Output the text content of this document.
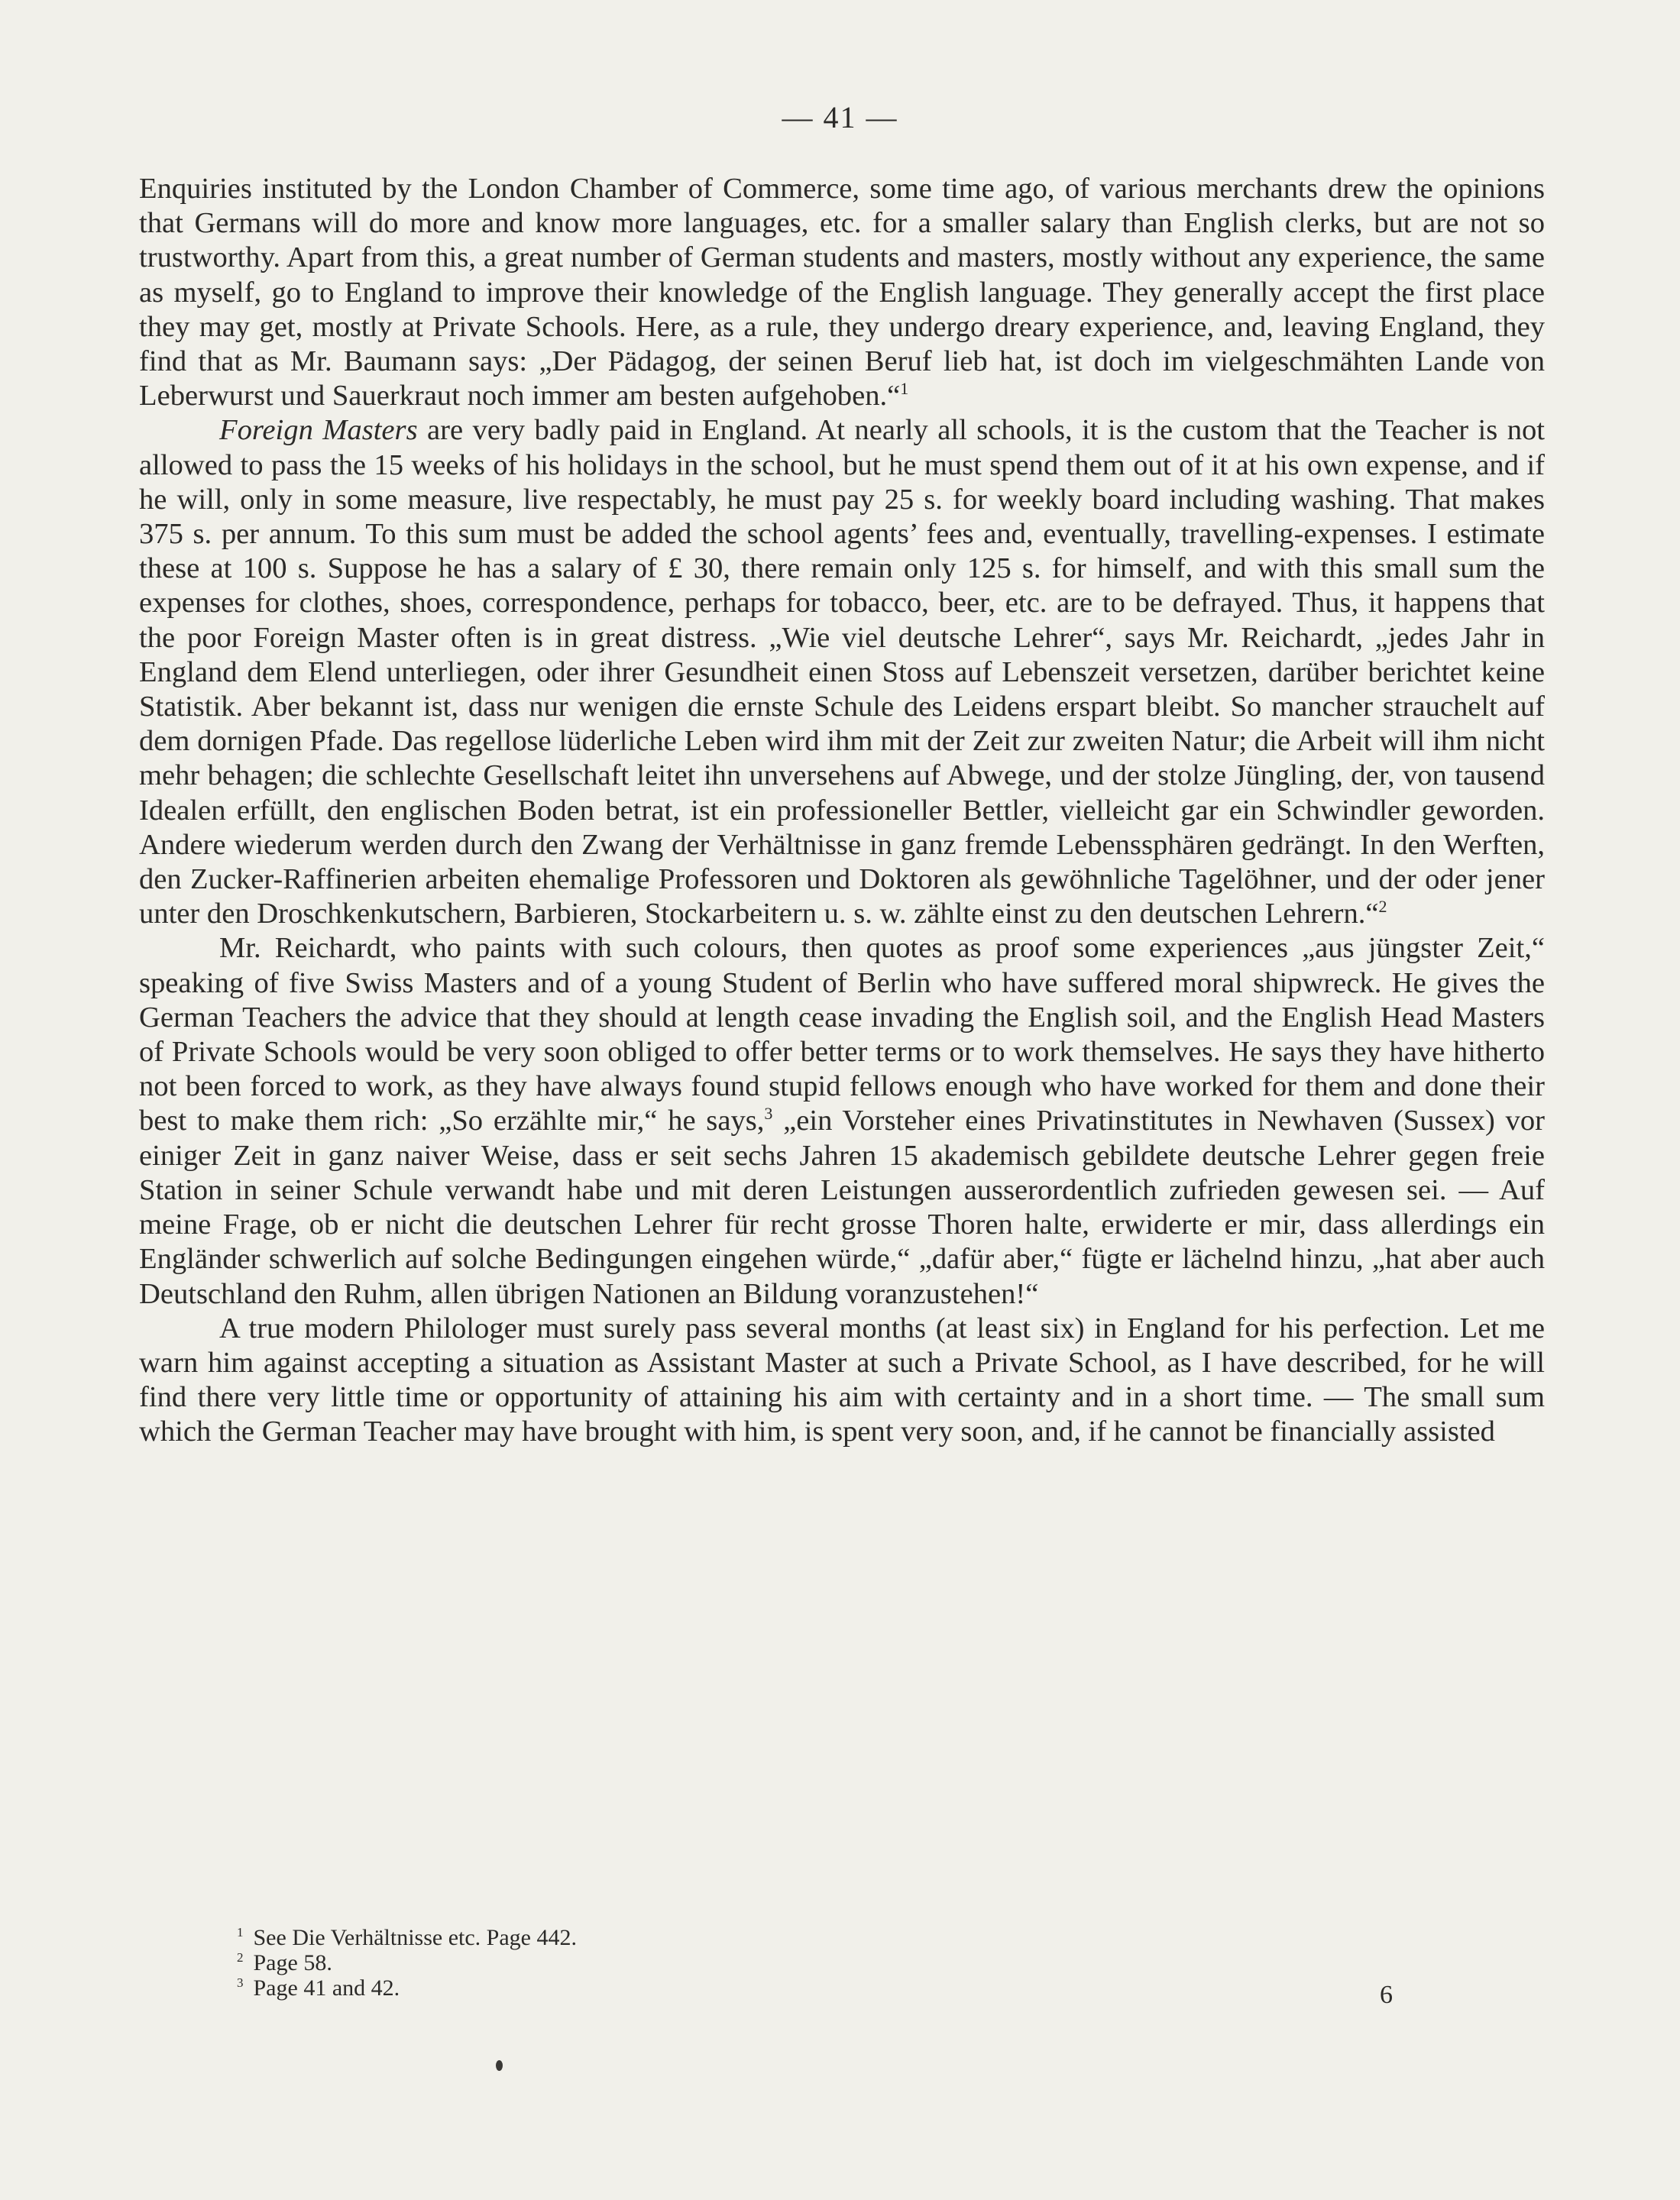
— 41 —

Enquiries instituted by the London Chamber of Commerce, some time ago, of various merchants drew the opinions that Germans will do more and know more languages, etc. for a smaller salary than English clerks, but are not so trustworthy. Apart from this, a great number of German students and masters, mostly without any experience, the same as myself, go to England to improve their knowledge of the English language. They generally accept the first place they may get, mostly at Private Schools. Here, as a rule, they undergo dreary experience, and, leaving England, they find that as Mr. Baumann says: „Der Pädagog, der seinen Beruf lieb hat, ist doch im vielgeschmähten Lande von Leberwurst und Sauerkraut noch immer am besten aufgehoben.“$^1$

Foreign Masters are very badly paid in England. At nearly all schools, it is the custom that the Teacher is not allowed to pass the 15 weeks of his holidays in the school, but he must spend them out of it at his own expense, and if he will, only in some measure, live respectably, he must pay 25 s. for weekly board including washing. That makes 375 s. per annum. To this sum must be added the school agents’ fees and, eventually, travelling-expenses. I estimate these at 100 s. Suppose he has a salary of £ 30, there remain only 125 s. for himself, and with this small sum the expenses for clothes, shoes, correspondence, perhaps for tobacco, beer, etc. are to be defrayed. Thus, it happens that the poor Foreign Master often is in great distress. „Wie viel deutsche Lehrer“, says Mr. Reichardt, „jedes Jahr in England dem Elend unterliegen, oder ihrer Gesundheit einen Stoss auf Lebenszeit versetzen, darüber berichtet keine Statistik. Aber bekannt ist, dass nur wenigen die ernste Schule des Leidens erspart bleibt. So mancher strauchelt auf dem dornigen Pfade. Das regellose lüderliche Leben wird ihm mit der Zeit zur zweiten Natur; die Arbeit will ihm nicht mehr behagen; die schlechte Gesellschaft leitet ihn unversehens auf Abwege, und der stolze Jüngling, der, von tausend Idealen erfüllt, den englischen Boden betrat, ist ein professioneller Bettler, vielleicht gar ein Schwindler geworden. Andere wiederum werden durch den Zwang der Verhältnisse in ganz fremde Lebenssphären gedrängt. In den Werften, den Zucker-Raffinerien arbeiten ehemalige Professoren und Doktoren als gewöhnliche Tagelöhner, und der oder jener unter den Droschkenkutschern, Barbieren, Stockarbeitern u. s. w. zählte einst zu den deutschen Lehrern.“$^2$

Mr. Reichardt, who paints with such colours, then quotes as proof some experiences „aus jüngster Zeit,“ speaking of five Swiss Masters and of a young Student of Berlin who have suffered moral shipwreck. He gives the German Teachers the advice that they should at length cease invading the English soil, and the English Head Masters of Private Schools would be very soon obliged to offer better terms or to work themselves. He says they have hitherto not been forced to work, as they have always found stupid fellows enough who have worked for them and done their best to make them rich: „So erzählte mir,“ he says,$^3$ „ein Vorsteher eines Privatinstitutes in Newhaven (Sussex) vor einiger Zeit in ganz naiver Weise, dass er seit sechs Jahren 15 akademisch gebildete deutsche Lehrer gegen freie Station in seiner Schule verwandt habe und mit deren Leistungen ausserordentlich zufrieden gewesen sei. — Auf meine Frage, ob er nicht die deutschen Lehrer für recht grosse Thoren halte, erwiderte er mir, dass allerdings ein Engländer schwerlich auf solche Bedingungen eingehen würde,“ „dafür aber,“ fügte er lächelnd hinzu, „hat aber auch Deutschland den Ruhm, allen übrigen Nationen an Bildung voranzustehen!“

A true modern Philologer must surely pass several months (at least six) in England for his perfection. Let me warn him against accepting a situation as Assistant Master at such a Private School, as I have described, for he will find there very little time or opportunity of attaining his aim with certainty and in a short time. — The small sum which the German Teacher may have brought with him, is spent very soon, and, if he cannot be financially assisted

$^1$ See Die Verhältnisse etc. Page 442.
$^2$ Page 58.
$^3$ Page 41 and 42.	6
